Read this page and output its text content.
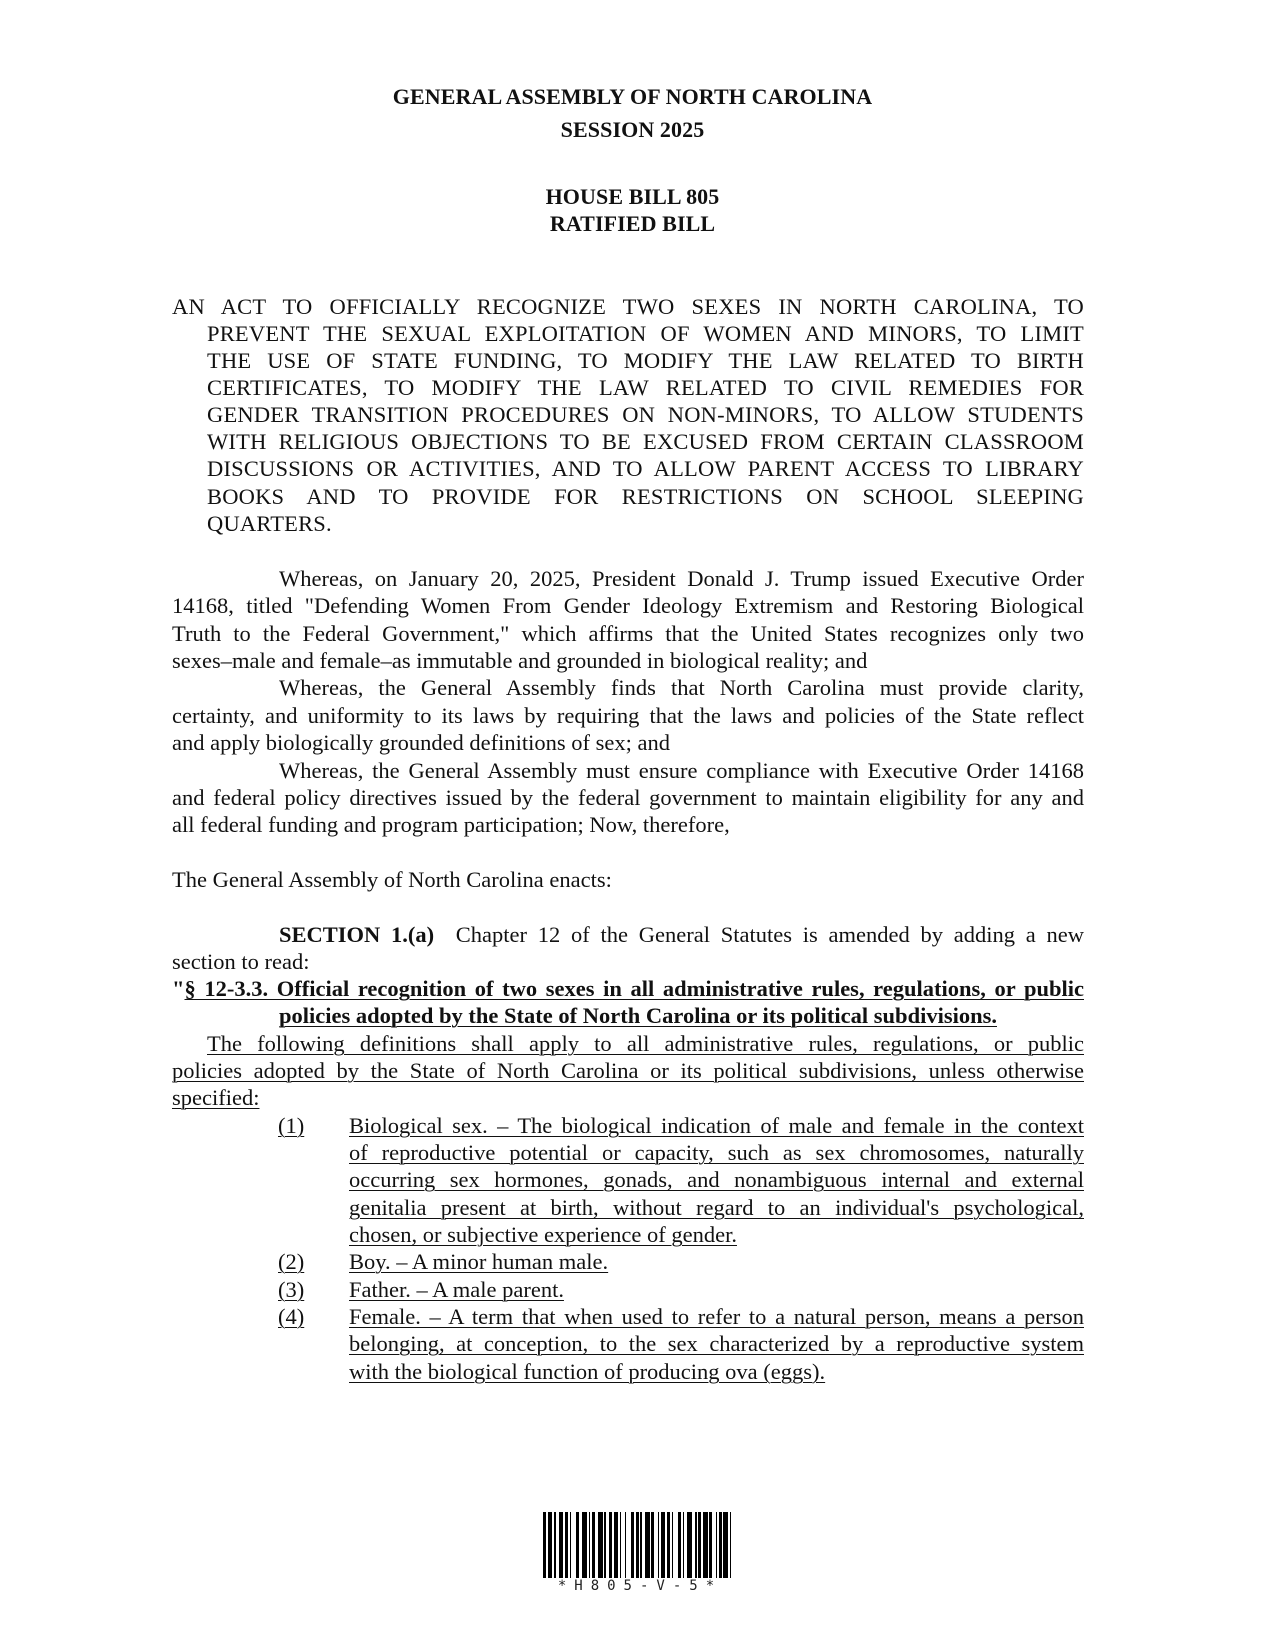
GENERAL ASSEMBLY OF NORTH CAROLINA
SESSION 2025
HOUSE BILL 805
RATIFIED BILL
AN ACT TO OFFICIALLY RECOGNIZE TWO SEXES IN NORTH CAROLINA, TO
PREVENT THE SEXUAL EXPLOITATION OF WOMEN AND MINORS, TO LIMIT
THE USE OF STATE FUNDING, TO MODIFY THE LAW RELATED TO BIRTH
CERTIFICATES, TO MODIFY THE LAW RELATED TO CIVIL REMEDIES FOR
GENDER TRANSITION PROCEDURES ON NON-MINORS, TO ALLOW STUDENTS
WITH RELIGIOUS OBJECTIONS TO BE EXCUSED FROM CERTAIN CLASSROOM
DISCUSSIONS OR ACTIVITIES, AND TO ALLOW PARENT ACCESS TO LIBRARY
BOOKS AND TO PROVIDE FOR RESTRICTIONS ON SCHOOL SLEEPING
QUARTERS.
Whereas, on January 20, 2025, President Donald J. Trump issued Executive Order
14168, titled "Defending Women From Gender Ideology Extremism and Restoring Biological
Truth to the Federal Government," which affirms that the United States recognizes only two
sexes–male and female–as immutable and grounded in biological reality; and
Whereas, the General Assembly finds that North Carolina must provide clarity,
certainty, and uniformity to its laws by requiring that the laws and policies of the State reflect
and apply biologically grounded definitions of sex; and
Whereas, the General Assembly must ensure compliance with Executive Order 14168
and federal policy directives issued by the federal government to maintain eligibility for any and
all federal funding and program participation; Now, therefore,
The General Assembly of North Carolina enacts:
SECTION 1.(a) Chapter 12 of the General Statutes is amended by adding a new
section to read:
"§ 12-3.3. Official recognition of two sexes in all administrative rules, regulations, or public
policies adopted by the State of North Carolina or its political subdivisions.
The following definitions shall apply to all administrative rules, regulations, or public
policies adopted by the State of North Carolina or its political subdivisions, unless otherwise
specified:
(1) Biological sex. – The biological indication of male and female in the context
of reproductive potential or capacity, such as sex chromosomes, naturally
occurring sex hormones, gonads, and nonambiguous internal and external
genitalia present at birth, without regard to an individual's psychological,
chosen, or subjective experience of gender.
(2) Boy. – A minor human male.
(3) Father. – A male parent.
(4) Female. – A term that when used to refer to a natural person, means a person
belonging, at conception, to the sex characterized by a reproductive system
with the biological function of producing ova (eggs).
*H805-V-5*
